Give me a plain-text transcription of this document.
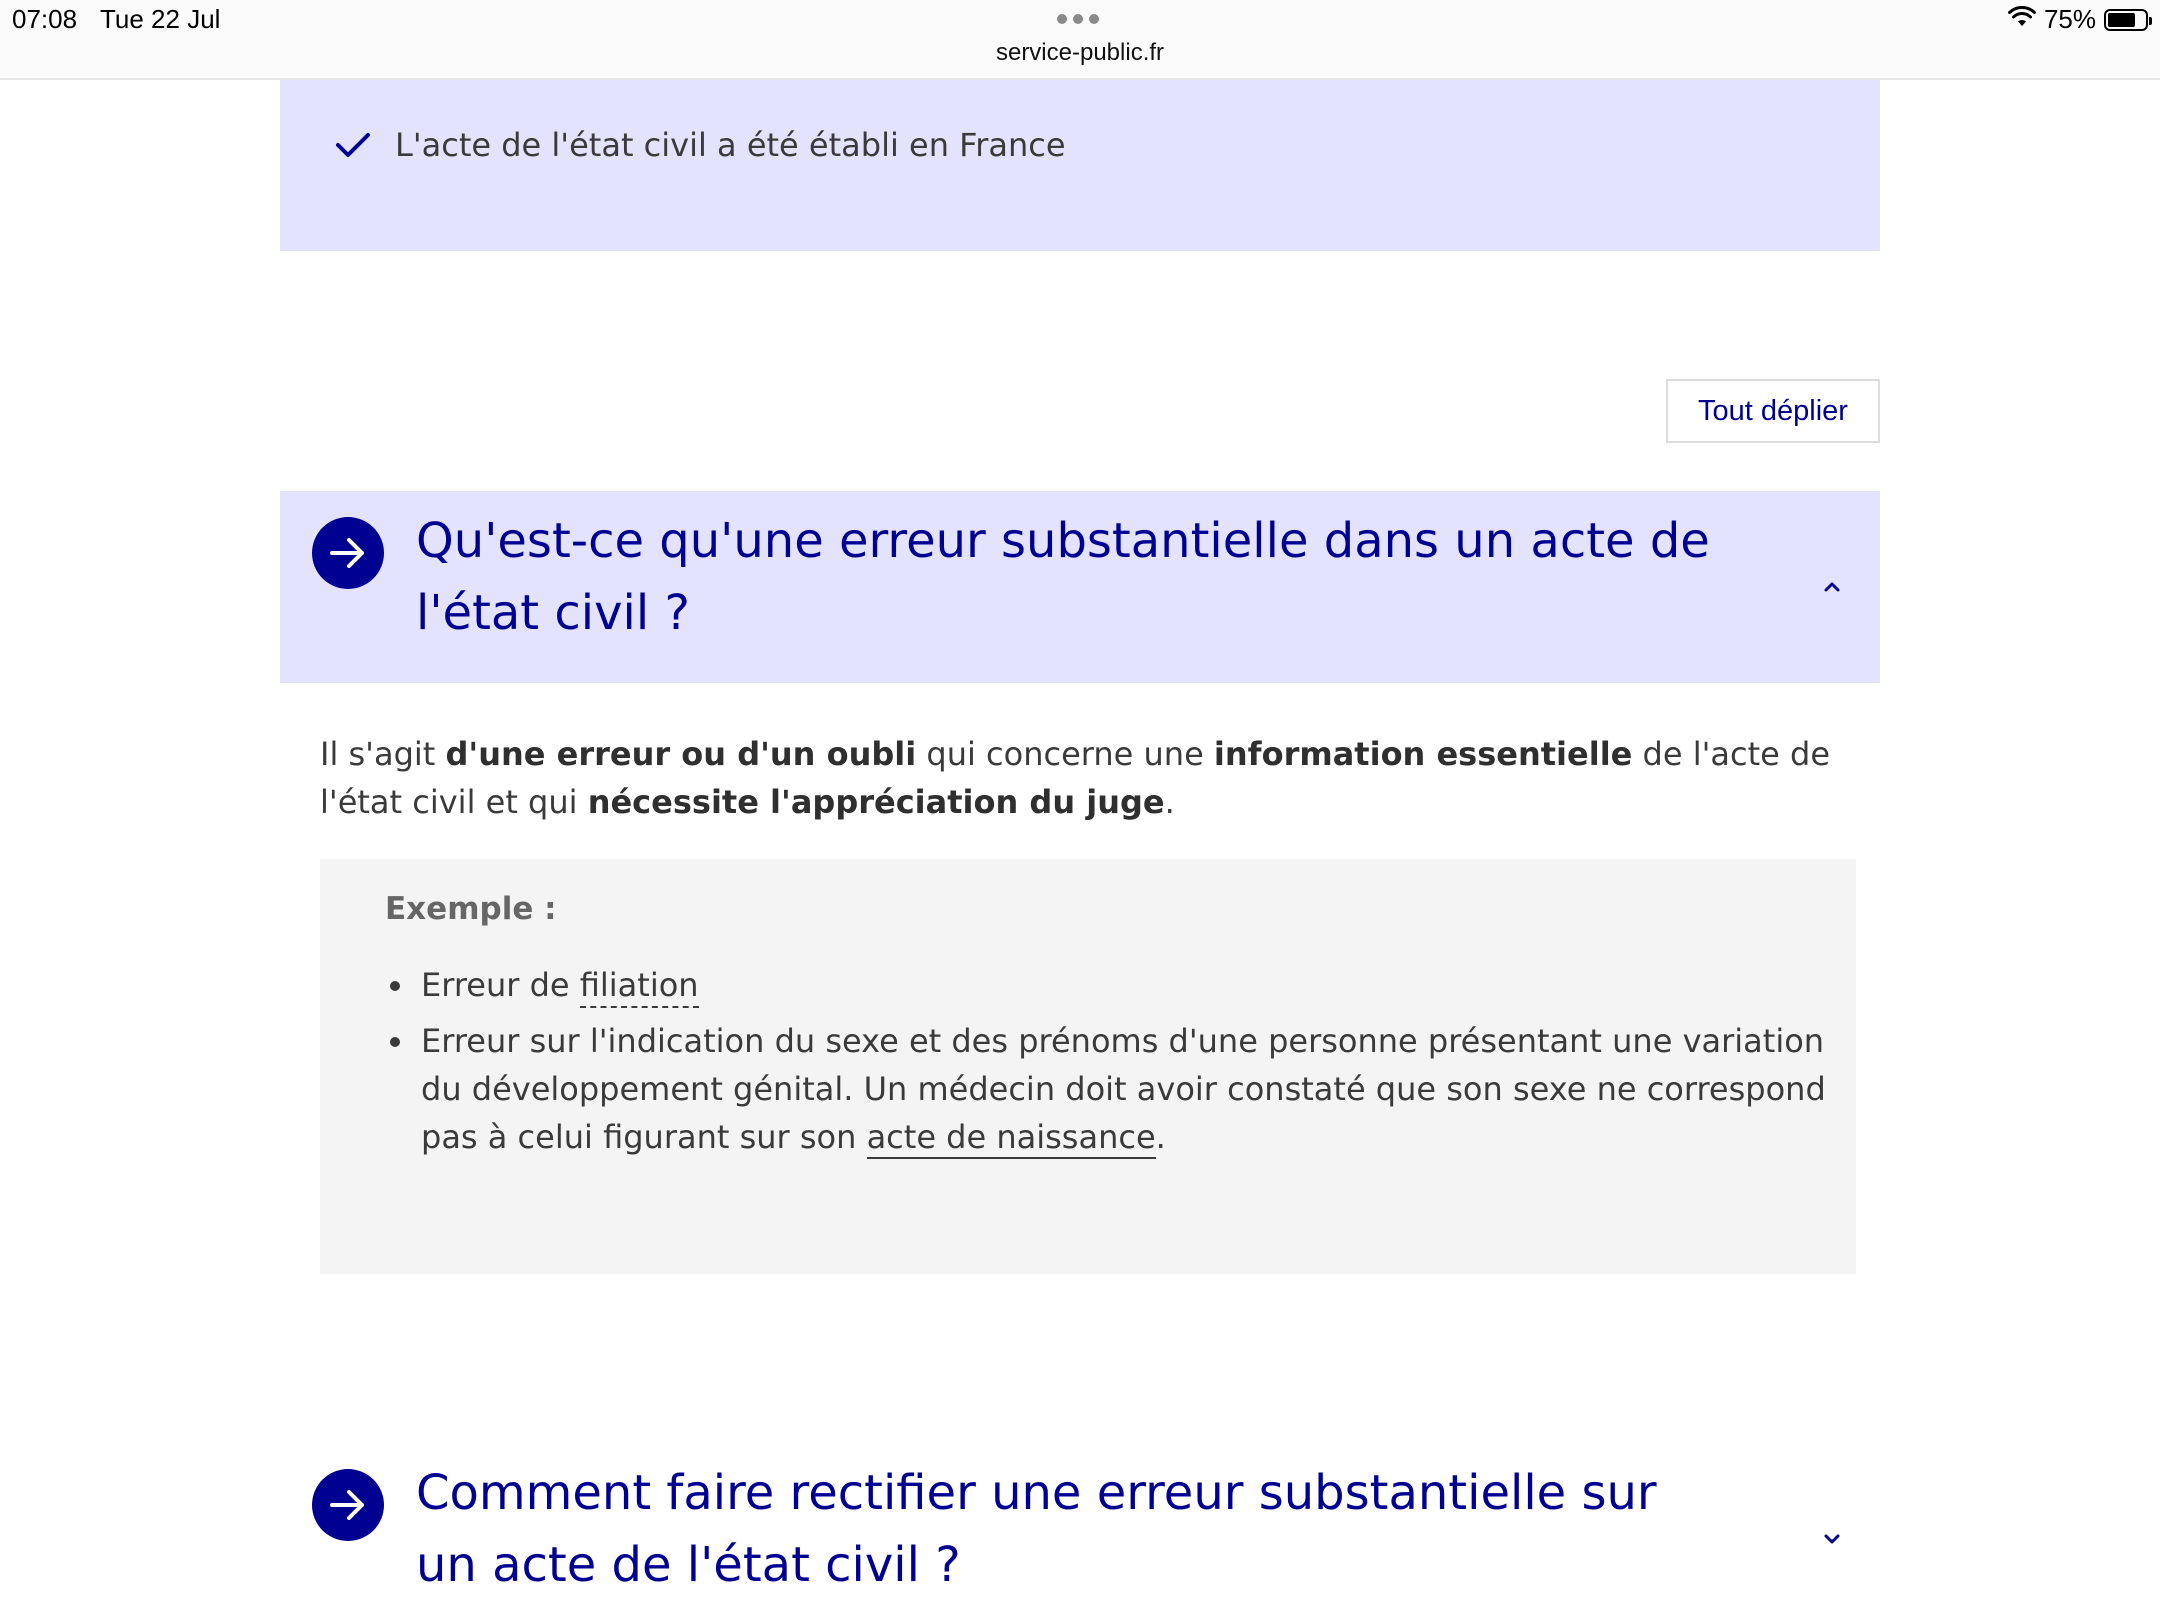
07:08 Tue 22 Jul
service-public.fr
75%
L'acte de l'état civil a été établi en France
Tout déplier
Qu'est-ce qu'une erreur substantielle dans un acte de l'état civil ?

Il s'agit d'une erreur ou d'un oubli qui concerne une information essentielle de l'acte de l'état civil et qui nécessite l'appréciation du juge.

Exemple :
• Erreur de filiation
• Erreur sur l'indication du sexe et des prénoms d'une personne présentant une variation du développement génital. Un médecin doit avoir constaté que son sexe ne correspond pas à celui figurant sur son acte de naissance.
Comment faire rectifier une erreur substantielle sur un acte de l'état civil ?
